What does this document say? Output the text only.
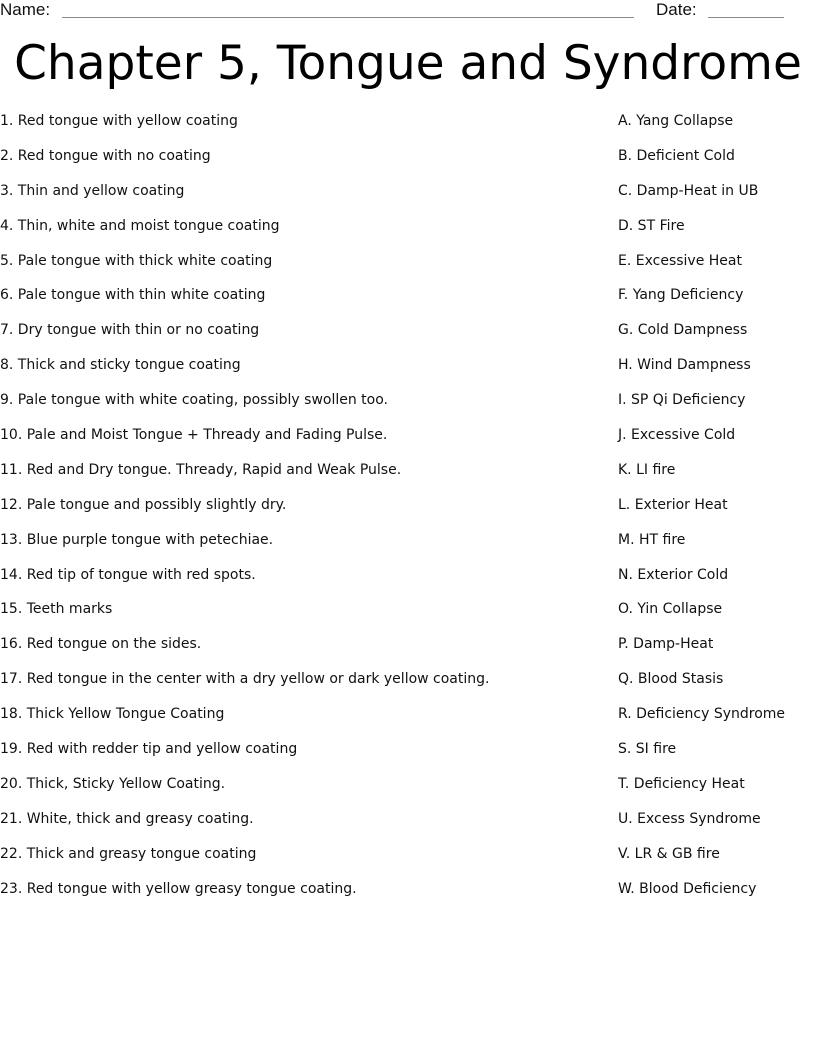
Name:	Date:
Chapter 5, Tongue and Syndrome
1. Red tongue with yellow coating
2. Red tongue with no coating
3. Thin and yellow coating
4. Thin, white and moist tongue coating
5. Pale tongue with thick white coating
6. Pale tongue with thin white coating
7. Dry tongue with thin or no coating
8. Thick and sticky tongue coating
9. Pale tongue with white coating, possibly swollen too.
10. Pale and Moist Tongue + Thready and Fading Pulse.
11. Red and Dry tongue. Thready, Rapid and Weak Pulse.
12. Pale tongue and possibly slightly dry.
13. Blue purple tongue with petechiae.
14. Red tip of tongue with red spots.
15. Teeth marks
16. Red tongue on the sides.
17. Red tongue in the center with a dry yellow or dark yellow coating.
18. Thick Yellow Tongue Coating
19. Red with redder tip and yellow coating
20. Thick, Sticky Yellow Coating.
21. White, thick and greasy coating.
22. Thick and greasy tongue coating
23. Red tongue with yellow greasy tongue coating.
A. Yang Collapse
B. Deficient Cold
C. Damp-Heat in UB
D. ST Fire
E. Excessive Heat
F. Yang Deficiency
G. Cold Dampness
H. Wind Dampness
I. SP Qi Deficiency
J. Excessive Cold
K. LI fire
L. Exterior Heat
M. HT fire
N. Exterior Cold
O. Yin Collapse
P. Damp-Heat
Q. Blood Stasis
R. Deficiency Syndrome
S. SI fire
T. Deficiency Heat
U. Excess Syndrome
V. LR & GB fire
W. Blood Deficiency
